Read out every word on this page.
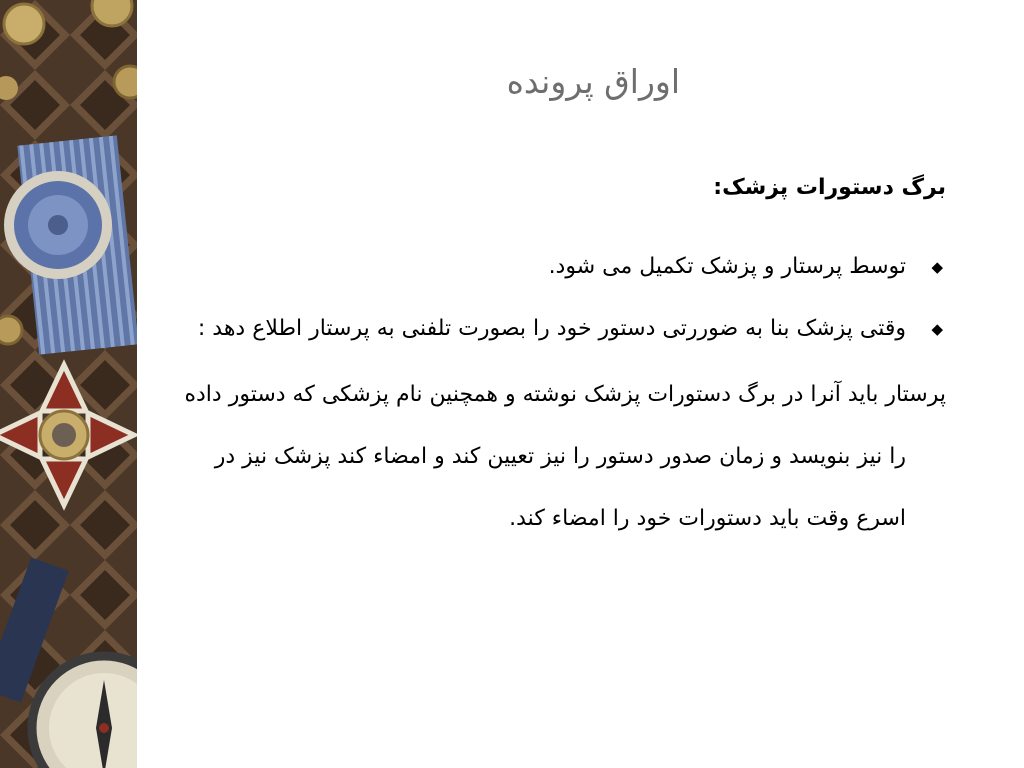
اوراق پرونده

برگ دستورات پزشک:

◆
توسط پرستار و پزشک تکمیل می شود.

◆
وقتی پزشک بنا به ضوررتی دستور خود را بصورت تلفنی به پرستار اطلاع دهد :

پرستار باید آنرا در برگ دستورات پزشک نوشته و همچنین نام پزشکی که دستور داده را نیز بنویسد و زمان صدور دستور را نیز تعیین کند و امضاء کند پزشک نیز در اسرع وقت باید دستورات خود را امضاء کند.
